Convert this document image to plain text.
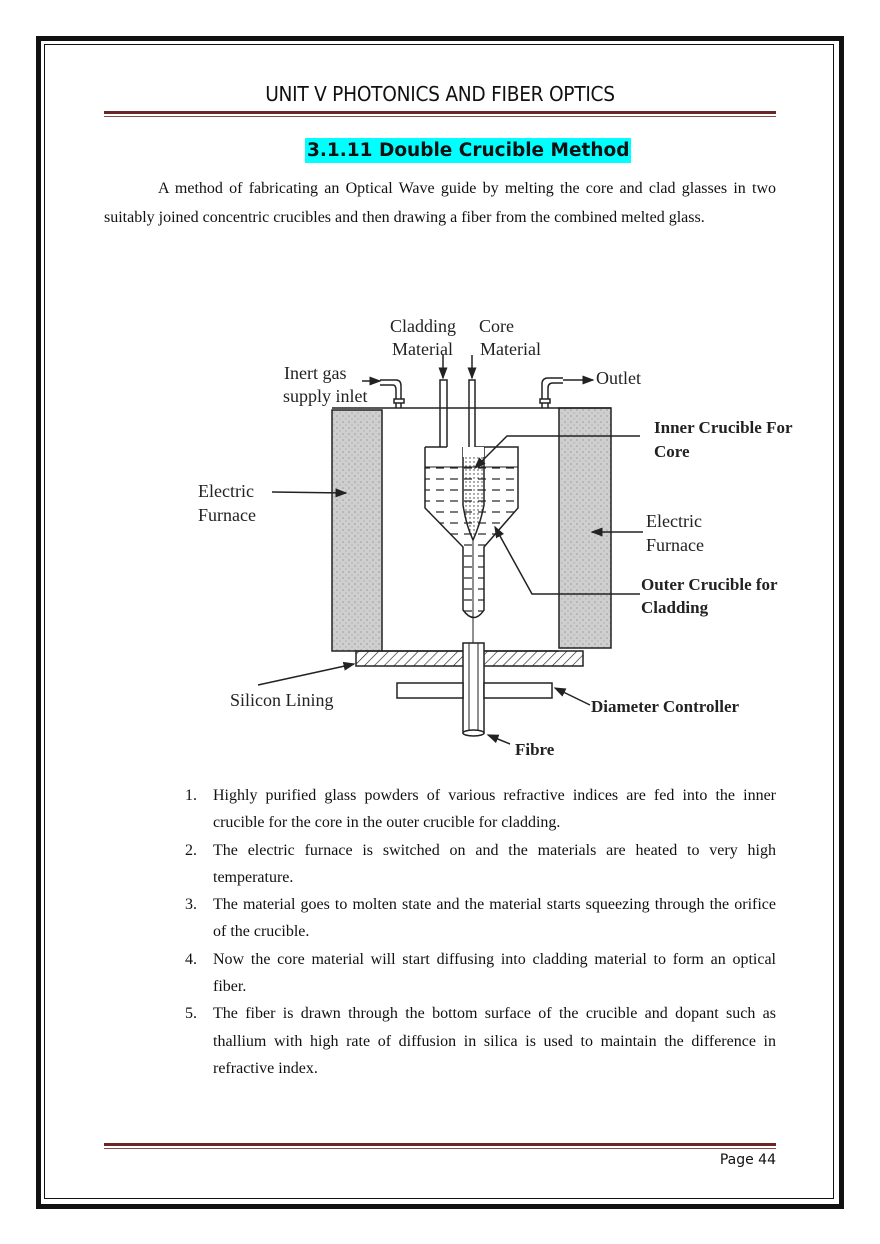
UNIT V PHOTONICS AND FIBER OPTICS
3.1.11 Double Crucible Method
A method of fabricating an Optical Wave guide by melting the core and clad glasses in two suitably joined concentric crucibles and then drawing a fiber from the combined melted glass.
Cladding
Material
Core
Material
Inert gas
supply inlet
Outlet
Inner Crucible For
Core
Electric
Furnace	Electric
Furnace
Outer Crucible for
Cladding
Silicon Lining	Diameter Controller
Fibre
1. Highly purified glass powders of various refractive indices are fed into the inner crucible for the core in the outer crucible for cladding.
2. The electric furnace is switched on and the materials are heated to very high temperature.
3. The material goes to molten state and the material starts squeezing through the orifice of the crucible.
4. Now the core material will start diffusing into cladding material to form an optical fiber.
5. The fiber is drawn through the bottom surface of the crucible and dopant such as thallium with high rate of diffusion in silica is used to maintain the difference in refractive index.
Page 44
